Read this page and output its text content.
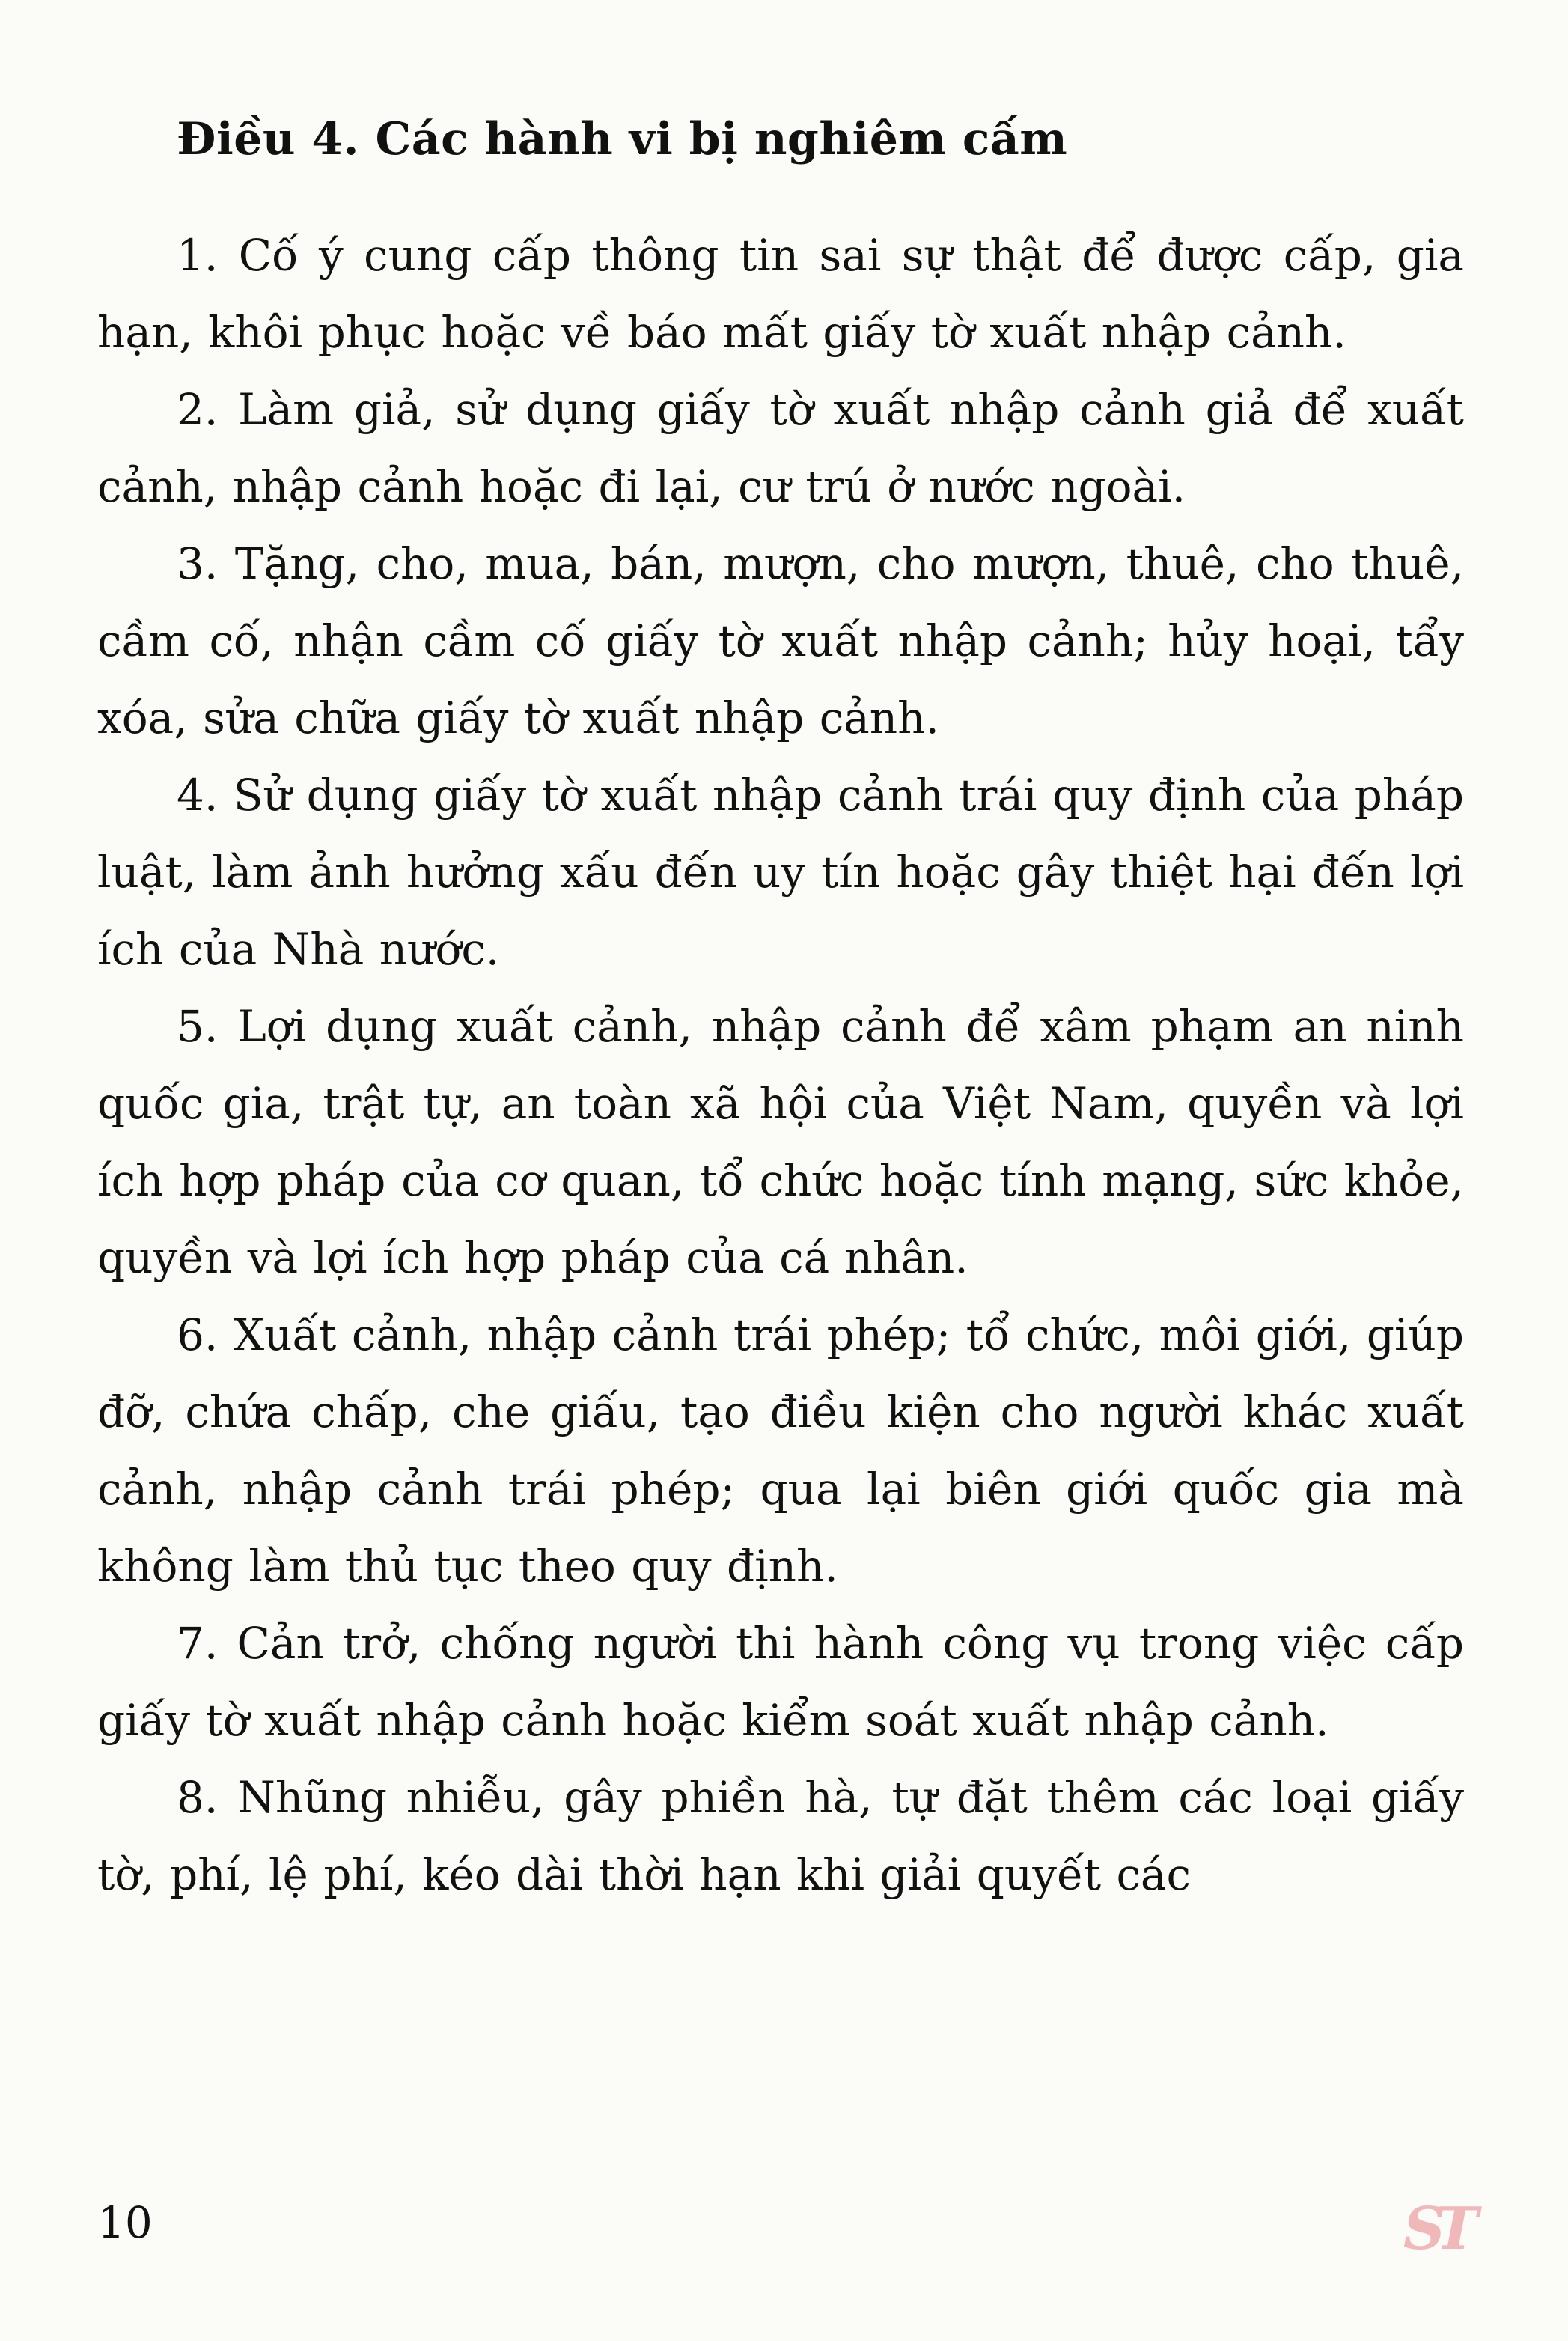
Điều 4. Các hành vi bị nghiêm cấm

1. Cố ý cung cấp thông tin sai sự thật để được cấp, gia hạn, khôi phục hoặc về báo mất giấy tờ xuất nhập cảnh.

2. Làm giả, sử dụng giấy tờ xuất nhập cảnh giả để xuất cảnh, nhập cảnh hoặc đi lại, cư trú ở nước ngoài.

3. Tặng, cho, mua, bán, mượn, cho mượn, thuê, cho thuê, cầm cố, nhận cầm cố giấy tờ xuất nhập cảnh; hủy hoại, tẩy xóa, sửa chữa giấy tờ xuất nhập cảnh.

4. Sử dụng giấy tờ xuất nhập cảnh trái quy định của pháp luật, làm ảnh hưởng xấu đến uy tín hoặc gây thiệt hại đến lợi ích của Nhà nước.

5. Lợi dụng xuất cảnh, nhập cảnh để xâm phạm an ninh quốc gia, trật tự, an toàn xã hội của Việt Nam, quyền và lợi ích hợp pháp của cơ quan, tổ chức hoặc tính mạng, sức khỏe, quyền và lợi ích hợp pháp của cá nhân.

6. Xuất cảnh, nhập cảnh trái phép; tổ chức, môi giới, giúp đỡ, chứa chấp, che giấu, tạo điều kiện cho người khác xuất cảnh, nhập cảnh trái phép; qua lại biên giới quốc gia mà không làm thủ tục theo quy định.

7. Cản trở, chống người thi hành công vụ trong việc cấp giấy tờ xuất nhập cảnh hoặc kiểm soát xuất nhập cảnh.

8. Nhũng nhiễu, gây phiền hà, tự đặt thêm các loại giấy tờ, phí, lệ phí, kéo dài thời hạn khi giải quyết các

10	ST
